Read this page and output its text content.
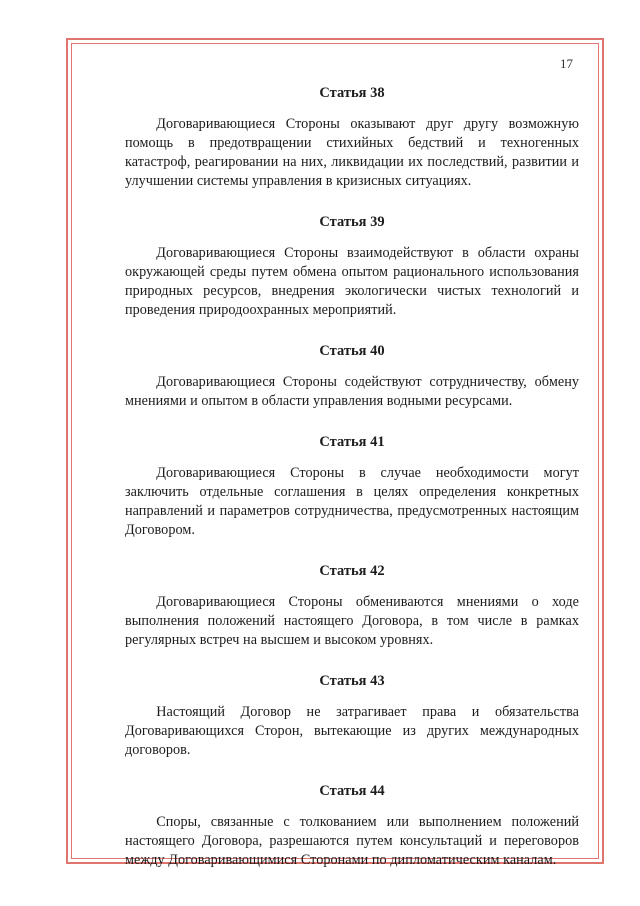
17
Статья 38

Договаривающиеся Стороны оказывают друг другу возможную помощь в предотвращении стихийных бедствий и техногенных катастроф, реагировании на них, ликвидации их последствий, развитии и улучшении системы управления в кризисных ситуациях.

Статья 39

Договаривающиеся Стороны взаимодействуют в области охраны окружающей среды путем обмена опытом рационального использования природных ресурсов, внедрения экологически чистых технологий и проведения природоохранных мероприятий.

Статья 40

Договаривающиеся Стороны содействуют сотрудничеству, обмену мнениями и опытом в области управления водными ресурсами.

Статья 41

Договаривающиеся Стороны в случае необходимости могут заключить отдельные соглашения в целях определения конкретных направлений и параметров сотрудничества, предусмотренных настоящим Договором.

Статья 42

Договаривающиеся Стороны обмениваются мнениями о ходе выполнения положений настоящего Договора, в том числе в рамках регулярных встреч на высшем и высоком уровнях.

Статья 43

Настоящий Договор не затрагивает права и обязательства Договаривающихся Сторон, вытекающие из других международных договоров.

Статья 44

Споры, связанные с толкованием или выполнением положений настоящего Договора, разрешаются путем консультаций и переговоров между Договаривающимися Сторонами по дипломатическим каналам.
